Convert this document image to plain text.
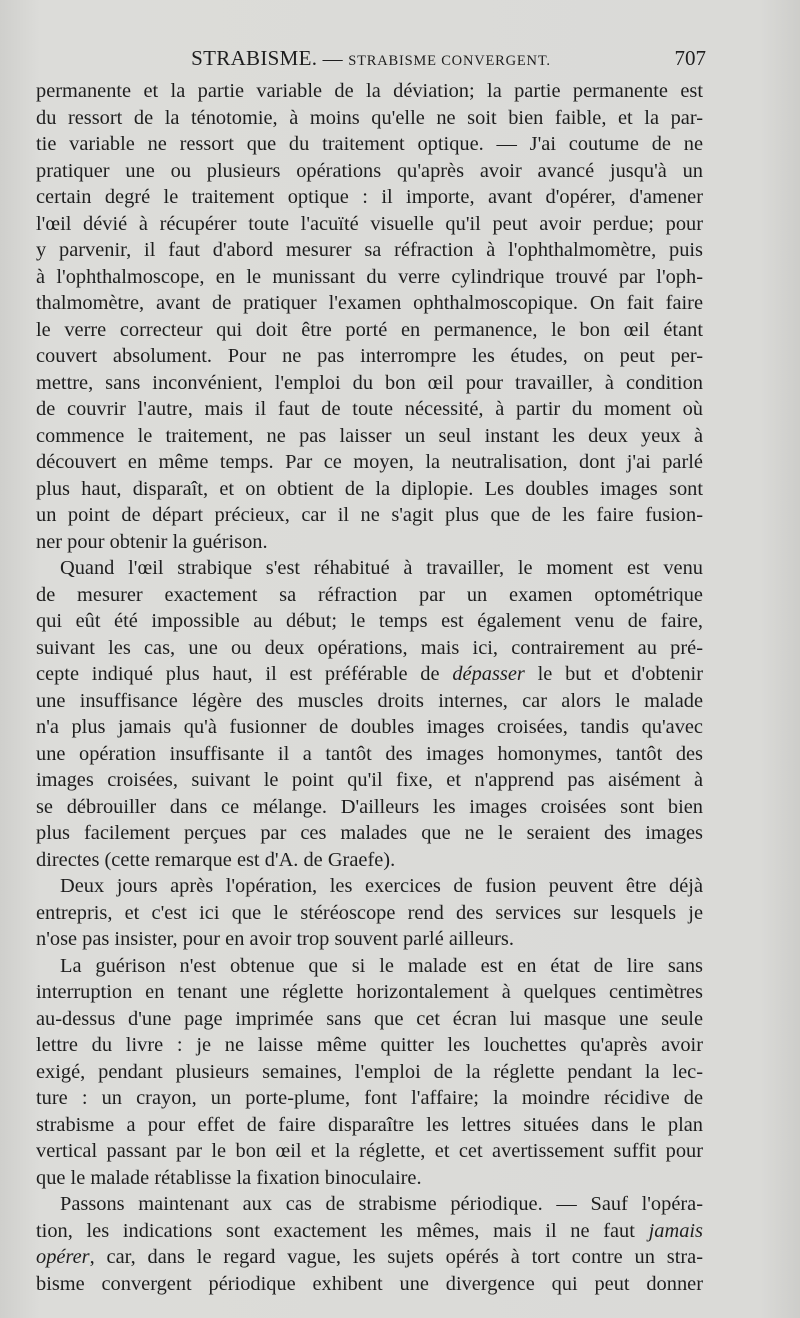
STRABISME. — STRABISME CONVERGENT.	707

permanente et la partie variable de la déviation; la partie permanente est
du ressort de la ténotomie, à moins qu'elle ne soit bien faible, et la par-
tie variable ne ressort que du traitement optique. — J'ai coutume de ne
pratiquer une ou plusieurs opérations qu'après avoir avancé jusqu'à un
certain degré le traitement optique : il importe, avant d'opérer, d'amener
l'œil dévié à récupérer toute l'acuïté visuelle qu'il peut avoir perdue; pour
y parvenir, il faut d'abord mesurer sa réfraction à l'ophthalmomètre, puis
à l'ophthalmoscope, en le munissant du verre cylindrique trouvé par l'oph-
thalmomètre, avant de pratiquer l'examen ophthalmoscopique. On fait faire
le verre correcteur qui doit être porté en permanence, le bon œil étant
couvert absolument. Pour ne pas interrompre les études, on peut per-
mettre, sans inconvénient, l'emploi du bon œil pour travailler, à condition
de couvrir l'autre, mais il faut de toute nécessité, à partir du moment où
commence le traitement, ne pas laisser un seul instant les deux yeux à
découvert en même temps. Par ce moyen, la neutralisation, dont j'ai parlé
plus haut, disparaît, et on obtient de la diplopie. Les doubles images sont
un point de départ précieux, car il ne s'agit plus que de les faire fusion-
ner pour obtenir la guérison.

Quand l'œil strabique s'est réhabitué à travailler, le moment est venu
de mesurer exactement sa réfraction par un examen optométrique
qui eût été impossible au début; le temps est également venu de faire,
suivant les cas, une ou deux opérations, mais ici, contrairement au pré-
cepte indiqué plus haut, il est préférable de dépasser le but et d'obtenir
une insuffisance légère des muscles droits internes, car alors le malade
n'a plus jamais qu'à fusionner de doubles images croisées, tandis qu'avec
une opération insuffisante il a tantôt des images homonymes, tantôt des
images croisées, suivant le point qu'il fixe, et n'apprend pas aisément à
se débrouiller dans ce mélange. D'ailleurs les images croisées sont bien
plus facilement perçues par ces malades que ne le seraient des images
directes (cette remarque est d'A. de Graefe).

Deux jours après l'opération, les exercices de fusion peuvent être déjà
entrepris, et c'est ici que le stéréoscope rend des services sur lesquels je
n'ose pas insister, pour en avoir trop souvent parlé ailleurs.

La guérison n'est obtenue que si le malade est en état de lire sans
interruption en tenant une réglette horizontalement à quelques centimètres
au-dessus d'une page imprimée sans que cet écran lui masque une seule
lettre du livre : je ne laisse même quitter les louchettes qu'après avoir
exigé, pendant plusieurs semaines, l'emploi de la réglette pendant la lec-
ture : un crayon, un porte-plume, font l'affaire; la moindre récidive de
strabisme a pour effet de faire disparaître les lettres situées dans le plan
vertical passant par le bon œil et la réglette, et cet avertissement suffit pour
que le malade rétablisse la fixation binoculaire.

Passons maintenant aux cas de strabisme périodique. — Sauf l'opéra-
tion, les indications sont exactement les mêmes, mais il ne faut jamais
opérer, car, dans le regard vague, les sujets opérés à tort contre un stra-
bisme convergent périodique exhibent une divergence qui peut donner
